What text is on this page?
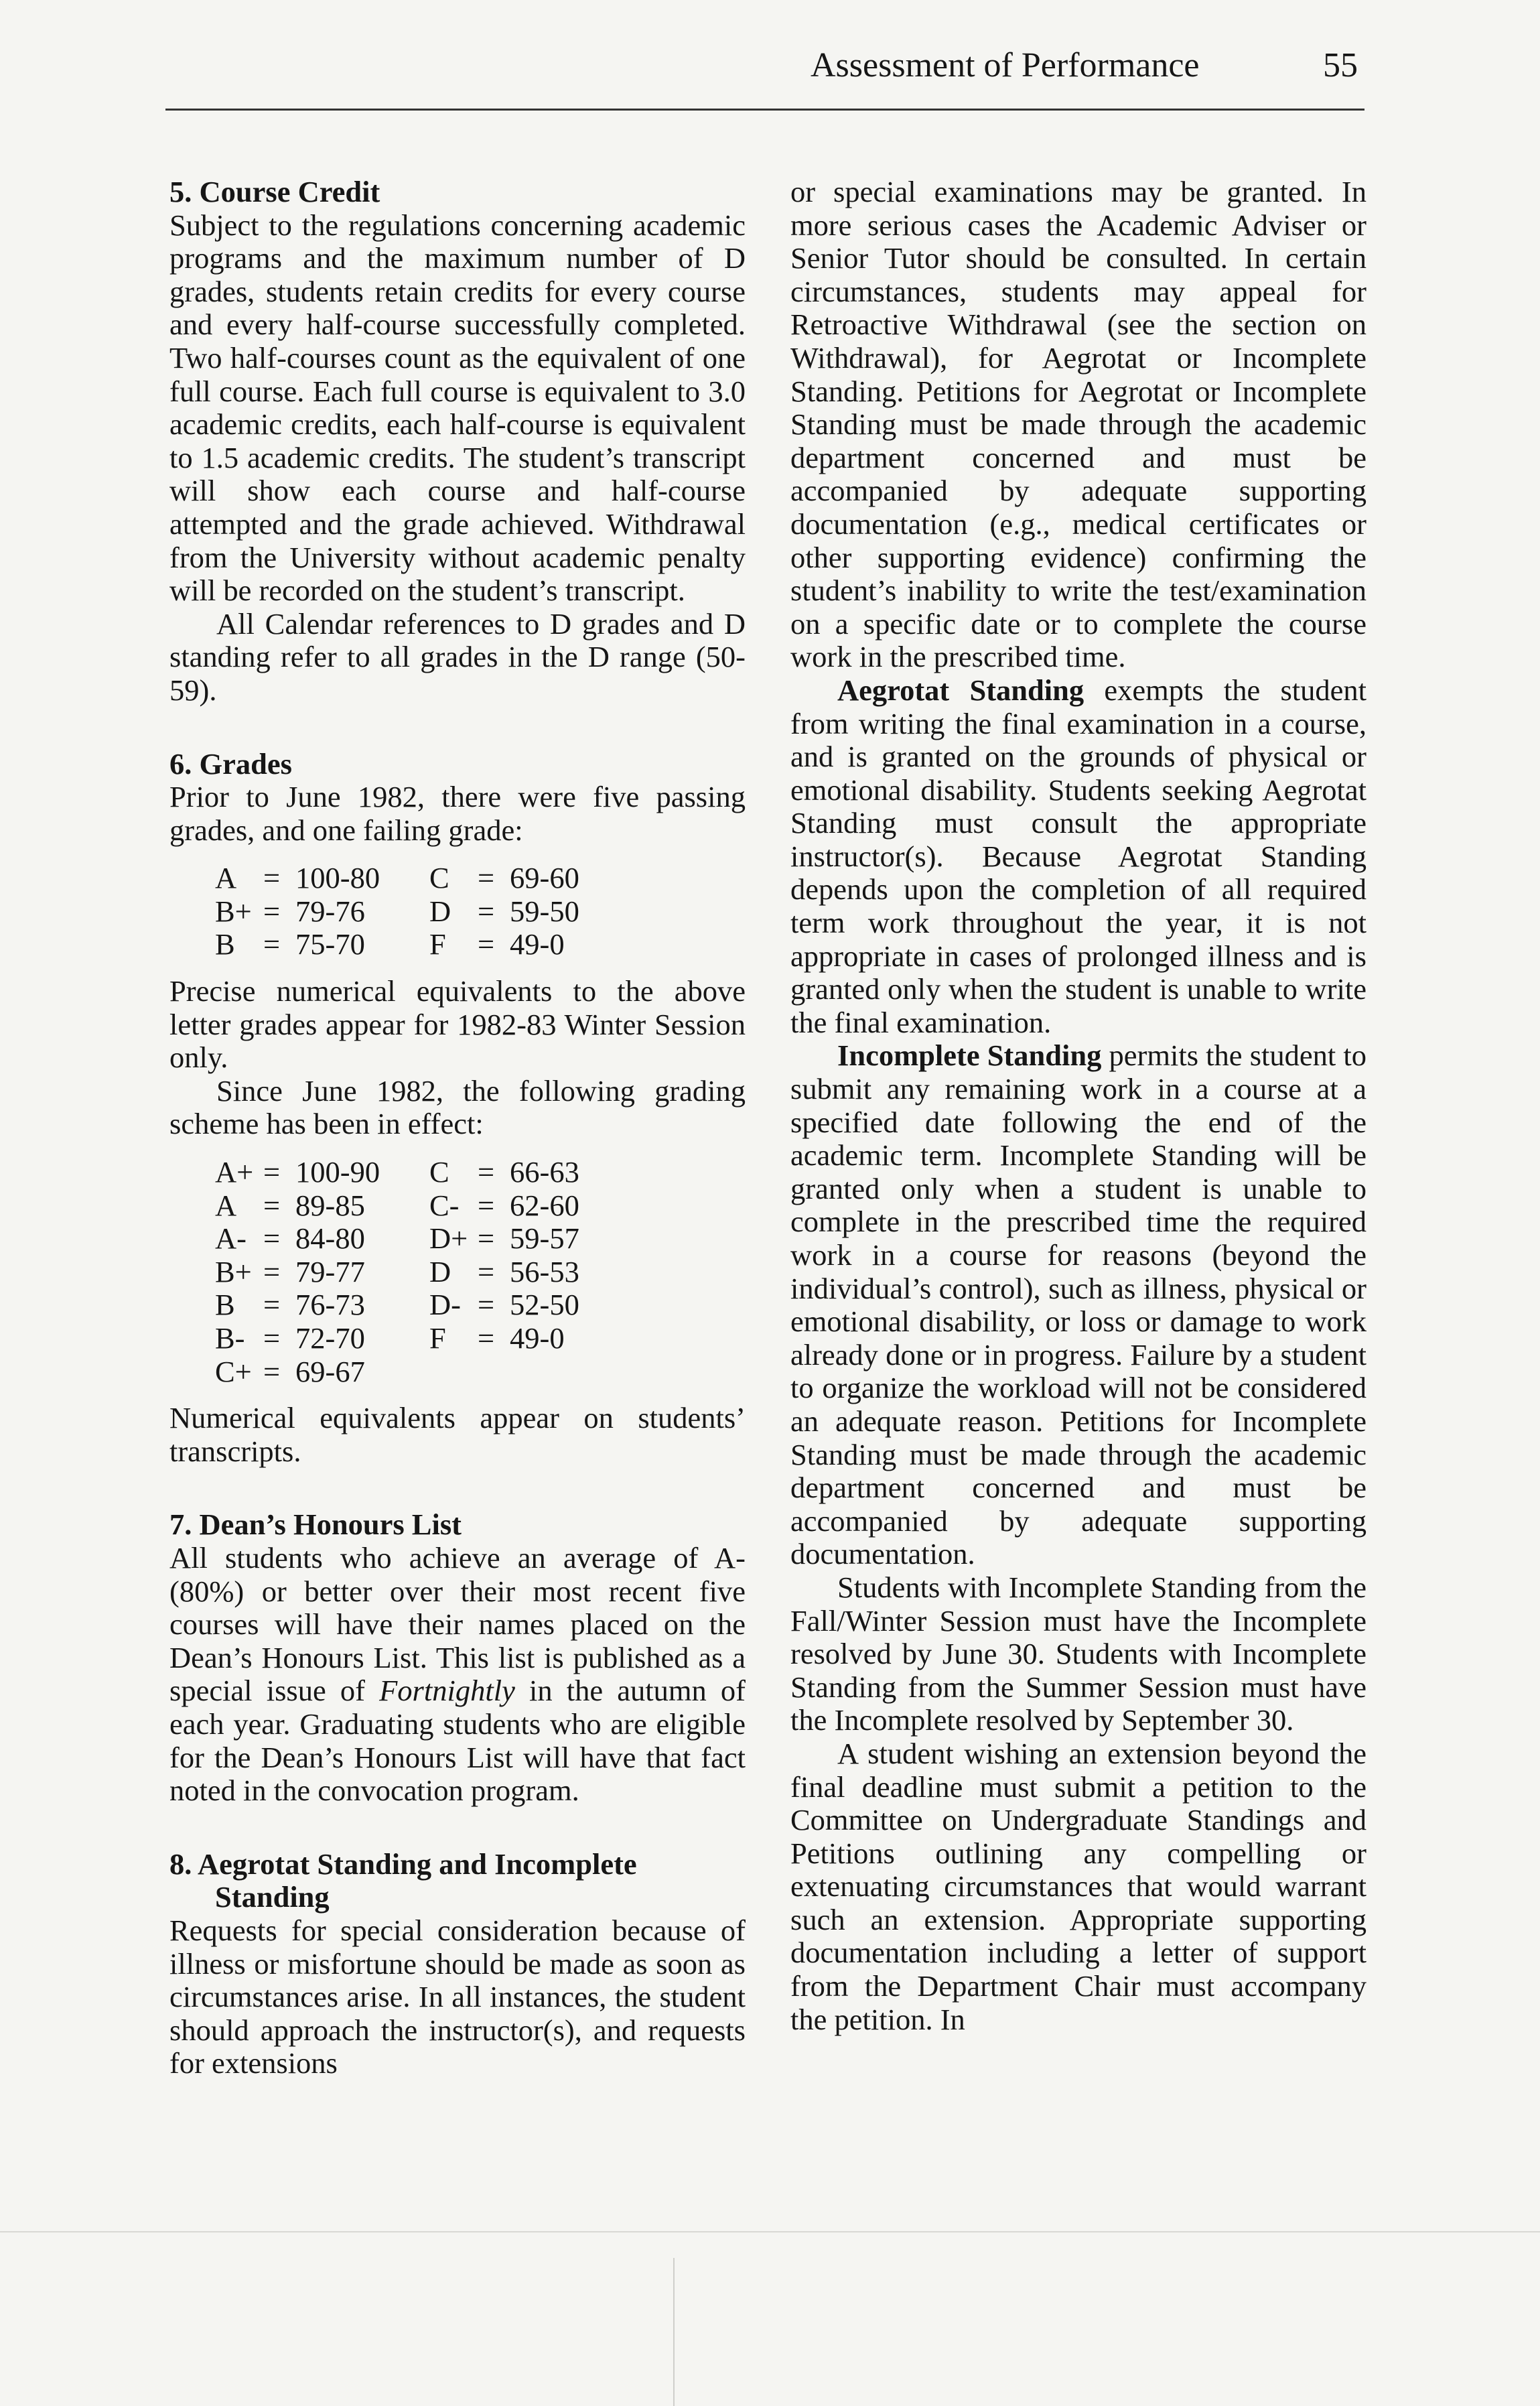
Assessment of Performance	55
5. Course Credit

Subject to the regulations concerning academic programs and the maximum number of D grades, students retain credits for every course and every half-course successfully completed. Two half-courses count as the equivalent of one full course. Each full course is equivalent to 3.0 academic credits, each half-course is equivalent to 1.5 academic credits. The student’s transcript will show each course and half-course attempted and the grade achieved. Withdrawal from the University without academic penalty will be recorded on the student’s transcript.

All Calendar references to D grades and D standing refer to all grades in the D range (50-59).

6. Grades

Prior to June 1982, there were five passing grades, and one failing grade:

A	=	100-80	C	=	69-60
B+	=	79-76	D	=	59-50
B	=	75-70	F	=	49-0

Precise numerical equivalents to the above letter grades appear for 1982-83 Winter Session only.

Since June 1982, the following grading scheme has been in effect:

A+	=	100-90	C	=	66-63
A	=	89-85	C-	=	62-60
A-	=	84-80	D+	=	59-57
B+	=	79-77	D	=	56-53
B	=	76-73	D-	=	52-50
B-	=	72-70	F	=	49-0
C+	=	69-67			

Numerical equivalents appear on students’ transcripts.

7. Dean’s Honours List

All students who achieve an average of A- (80%) or better over their most recent five courses will have their names placed on the Dean’s Honours List. This list is published as a special issue of Fortnightly in the autumn of each year. Graduating students who are eligible for the Dean’s Honours List will have that fact noted in the convocation program.

8. Aegrotat Standing and Incomplete Standing

Requests for special consideration because of illness or misfortune should be made as soon as circumstances arise. In all instances, the student should approach the instructor(s), and requests for extensions

or special examinations may be granted. In more serious cases the Academic Adviser or Senior Tutor should be consulted. In certain circumstances, students may appeal for Retroactive Withdrawal (see the section on Withdrawal), for Aegrotat or Incomplete Standing. Petitions for Aegrotat or Incomplete Standing must be made through the academic department concerned and must be accompanied by adequate supporting documentation (e.g., medical certificates or other supporting evidence) confirming the student’s inability to write the test/examination on a specific date or to complete the course work in the prescribed time.

Aegrotat Standing exempts the student from writing the final examination in a course, and is granted on the grounds of physical or emotional disability. Students seeking Aegrotat Standing must consult the appropriate instructor(s). Because Aegrotat Standing depends upon the completion of all required term work throughout the year, it is not appropriate in cases of prolonged illness and is granted only when the student is unable to write the final examination.

Incomplete Standing permits the student to submit any remaining work in a course at a specified date following the end of the academic term. Incomplete Standing will be granted only when a student is unable to complete in the prescribed time the required work in a course for reasons (beyond the individual’s control), such as illness, physical or emotional disability, or loss or damage to work already done or in progress. Failure by a student to organize the workload will not be considered an adequate reason. Petitions for Incomplete Standing must be made through the academic department concerned and must be accompanied by adequate supporting documentation.

Students with Incomplete Standing from the Fall/Winter Session must have the Incomplete resolved by June 30. Students with Incomplete Standing from the Summer Session must have the Incomplete resolved by September 30.

A student wishing an extension beyond the final deadline must submit a petition to the Committee on Undergraduate Standings and Petitions outlining any compelling or extenuating circumstances that would warrant such an extension. Appropriate supporting documentation including a letter of support from the Department Chair must accompany the petition. In
